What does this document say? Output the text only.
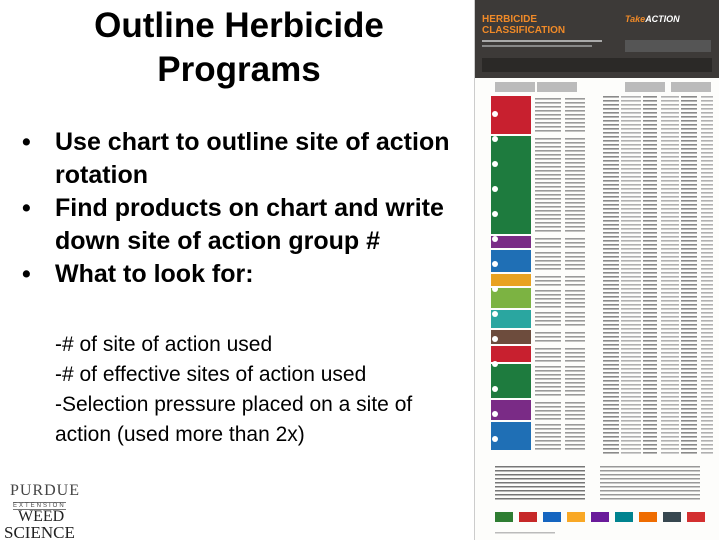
Outline Herbicide
Programs
• Use chart to outline site of action rotation
• Find products on chart and write down site of action group #
• What to look for:
-# of site of action used
-# of effective sites of action used
-Selection pressure placed on a site of
action (used more than 2x)
PURDUE
EXTENSION
WEED
SCIENCE
HERBICIDE
CLASSIFICATION
TakeACTION
